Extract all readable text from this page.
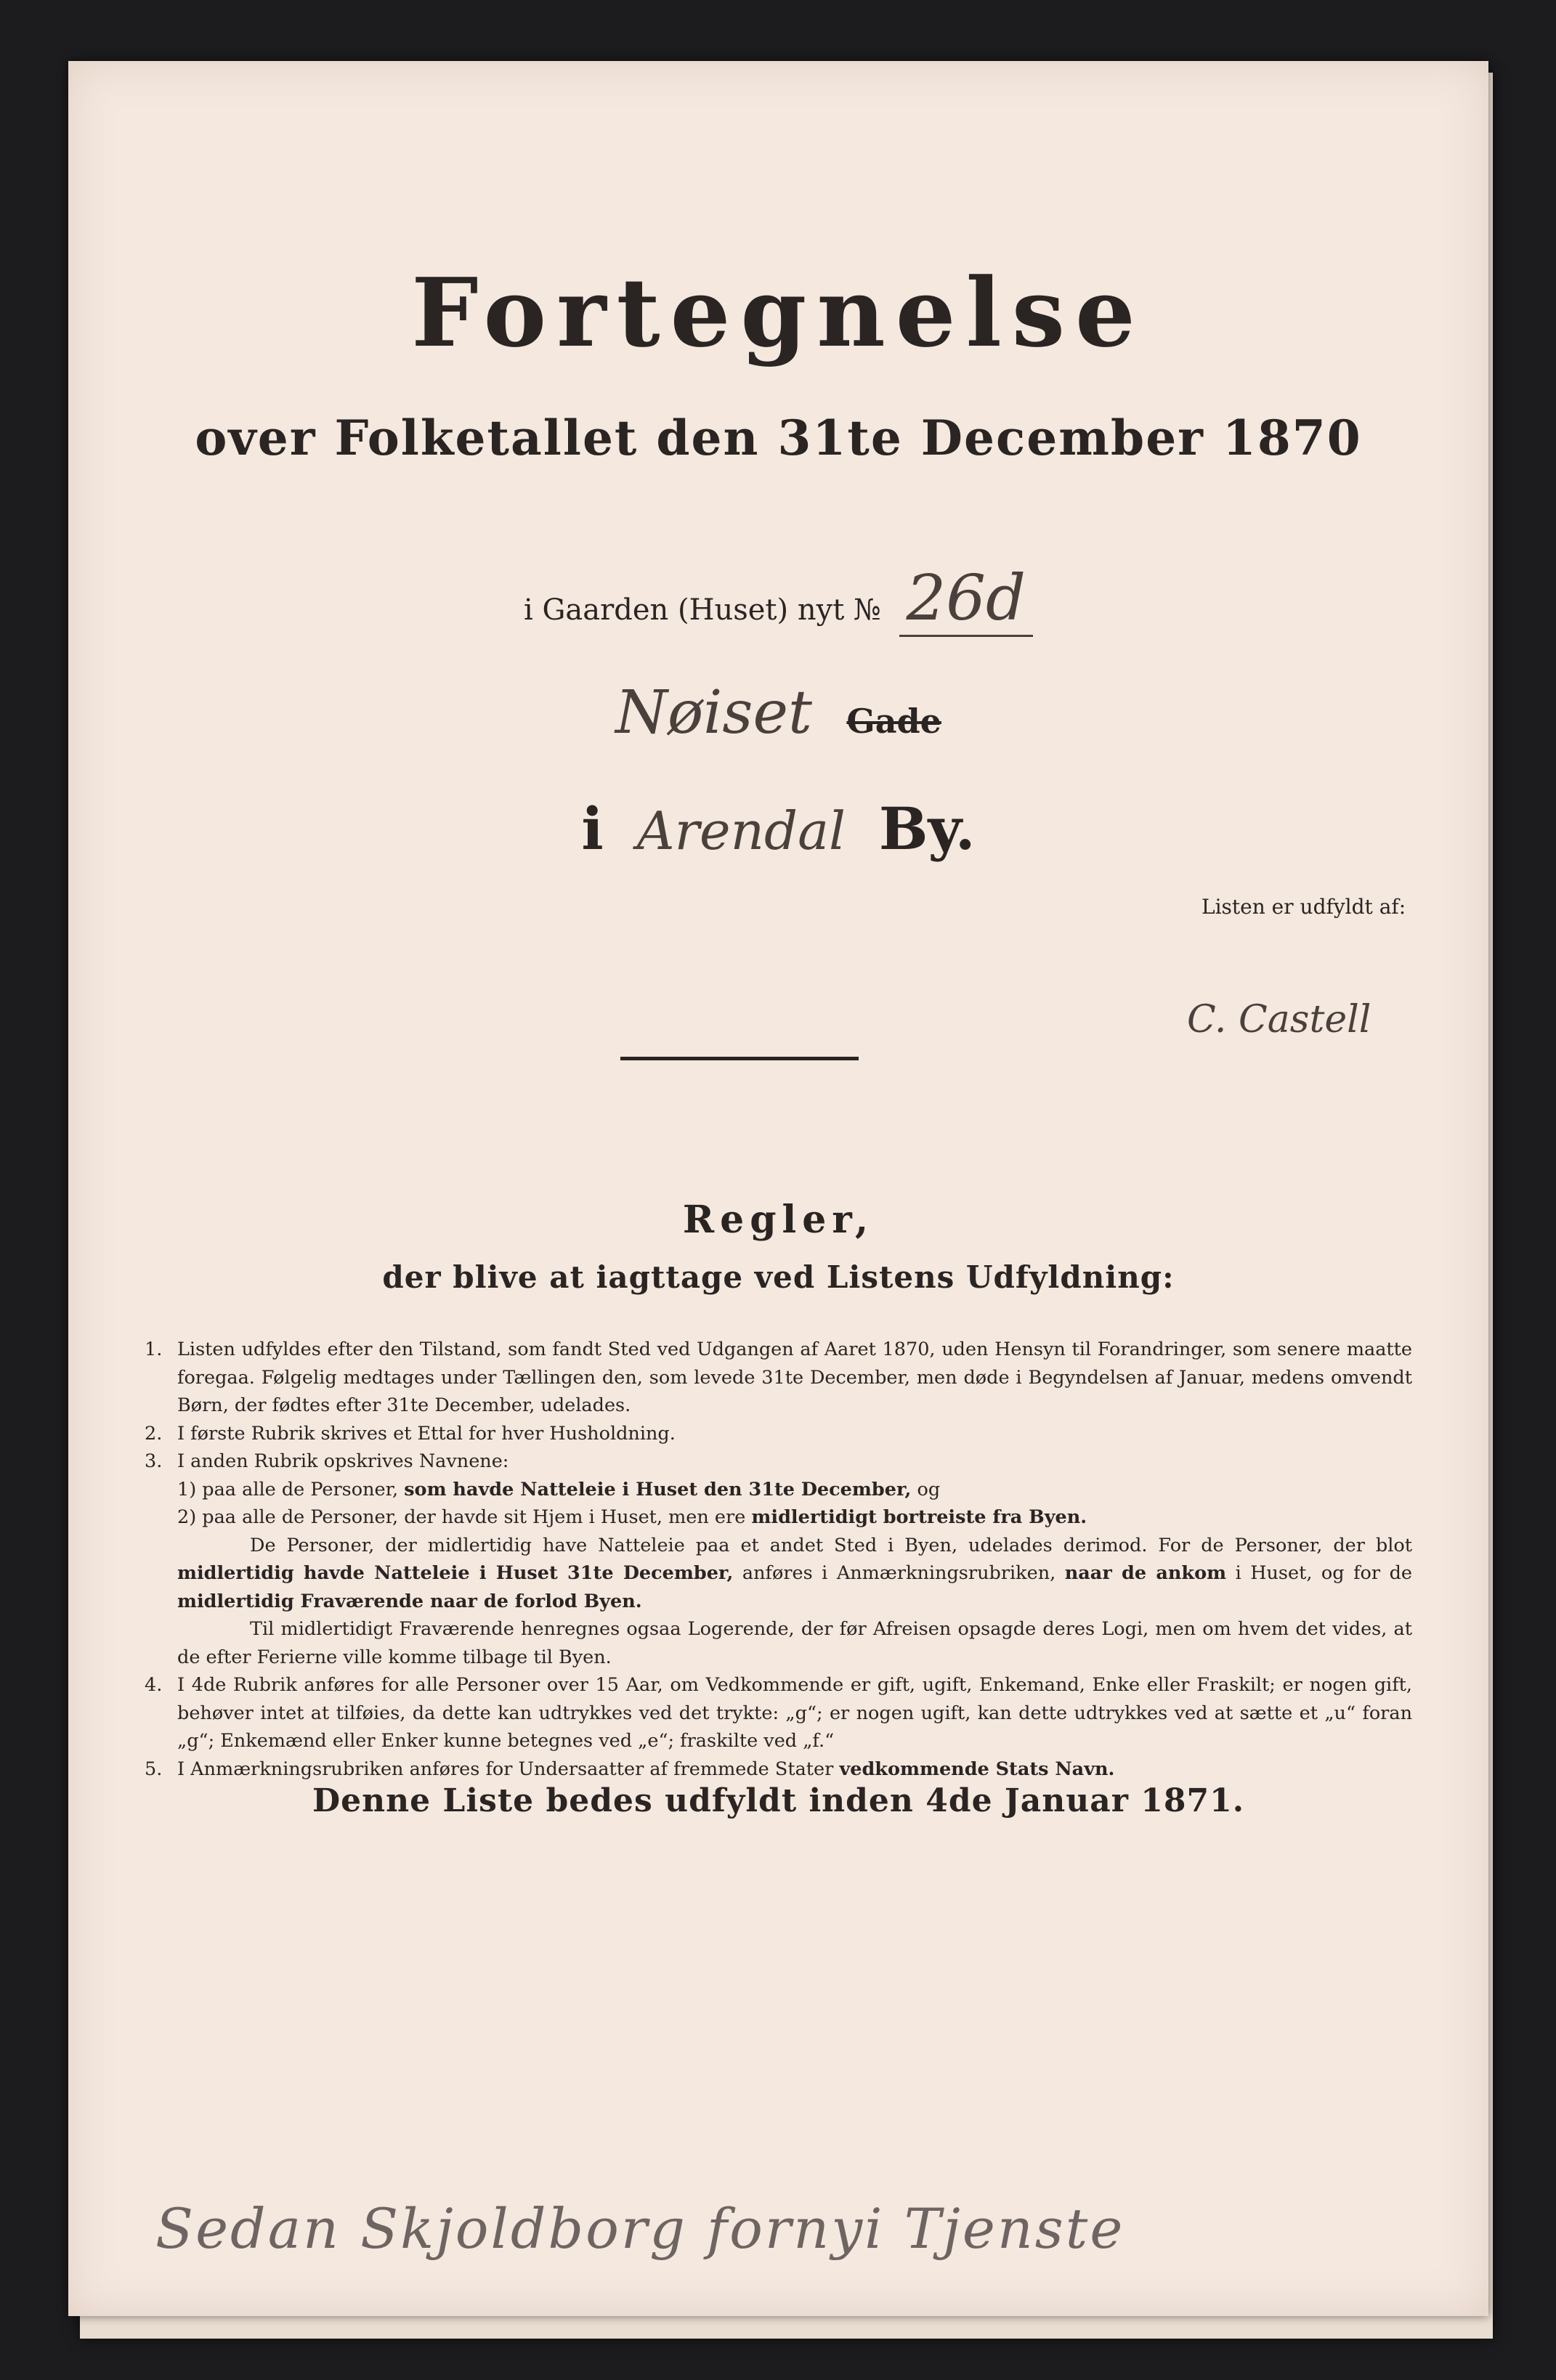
Fortegnelse
over Folketallet den 31te December 1870
i Gaarden (Huset) nyt № 26d
Nøiset Gade
i Arendal By.
Listen er udfyldt af:
C. Castell
Regler,
der blive at iagttage ved Listens Udfyldning:
1. Listen udfyldes efter den Tilstand, som fandt Sted ved Udgangen af Aaret 1870, uden Hensyn til Forandringer, som senere maatte foregaa. Følgelig medtages under Tællingen den, som levede 31te December, men døde i Begyndelsen af Januar, medens omvendt Børn, der fødtes efter 31te December, udelades.
2. I første Rubrik skrives et Ettal for hver Husholdning.
3. I anden Rubrik opskrives Navnene:
1) paa alle de Personer, som havde Natteleie i Huset den 31te December, og
2) paa alle de Personer, der havde sit Hjem i Huset, men ere midlertidigt bortreiste fra Byen.
De Personer, der midlertidig have Natteleie paa et andet Sted i Byen, udelades derimod. For de Personer, der blot midlertidig havde Natteleie i Huset 31te December, anføres i Anmærkningsrubriken, naar de ankom i Huset, og for de midlertidig Fraværende naar de forlod Byen.
Til midlertidigt Fraværende henregnes ogsaa Logerende, der før Afreisen opsagde deres Logi, men om hvem det vides, at de efter Ferierne ville komme tilbage til Byen.
4. I 4de Rubrik anføres for alle Personer over 15 Aar, om Vedkommende er gift, ugift, Enkemand, Enke eller Fraskilt; er nogen gift, behøver intet at tilføies, da dette kan udtrykkes ved det trykte: „g“; er nogen ugift, kan dette udtrykkes ved at sætte et „u“ foran „g“; Enkemænd eller Enker kunne betegnes ved „e“; fraskilte ved „f.“
5. I Anmærkningsrubriken anføres for Undersaatter af fremmede Stater vedkommende Stats Navn.
Denne Liste bedes udfyldt inden 4de Januar 1871.
Sedan Skjoldborg fornyi Tjenste
